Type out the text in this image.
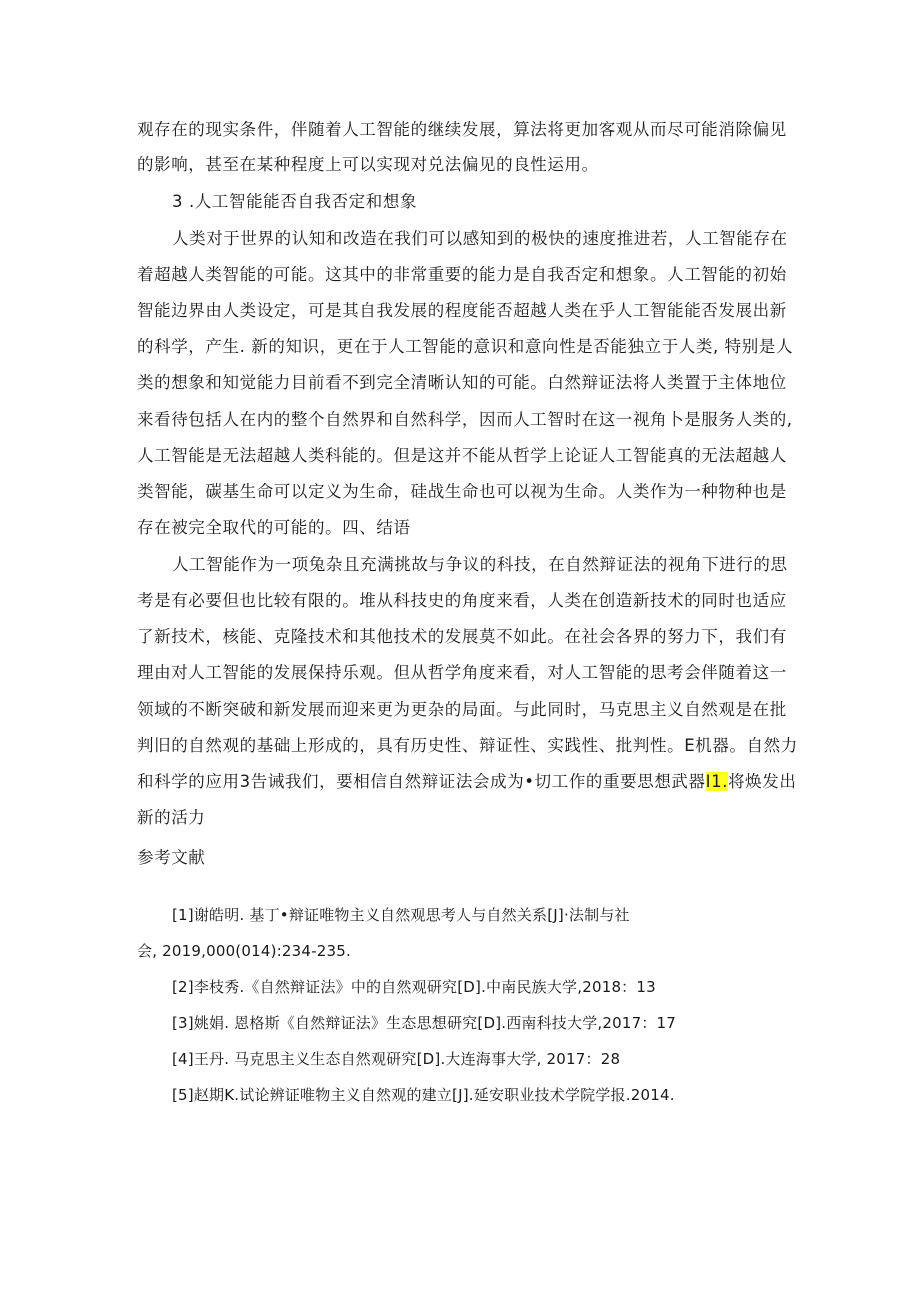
观存在的现实条件，伴随着人工智能的继续发展，算法将更加客观从而尽可能消除偏见
的影响，甚至在某种程度上可以实现对兑法偏见的良性运用。
3 .人工智能能否自我否定和想象
人类对于世界的认知和改造在我们可以感知到的极快的速度推进若，人工智能存在
着超越人类智能的可能。这其中的非常重要的能力是自我否定和想象。人工智能的初始
智能边界由人类设定，可是其自我发展的程度能否超越人类在乎人工智能能否发展出新
的科学，产生. 新的知识，更在于人工智能的意识和意向性是否能独立于人类, 特别是人
类的想象和知觉能力目前看不到完全清晰认知的可能。白然辩证法将人类置于主体地位
来看待包括人在内的整个自然界和自然科学，因而人工智时在这一视角卜是服务人类的,
人工智能是无法超越人类科能的。但是这并不能从哲学上论证人工智能真的无法超越人
类智能，碳基生命可以定义为生命，硅战生命也可以视为生命。人类作为一种物种也是
存在被完全取代的可能的。四、结语
人工智能作为一项兔杂且充满挑故与争议的科技，在自然辩证法的视角下进行的思
考是有必要但也比较有限的。堆从科技史的角度来看，人类在创造新技术的同时也适应
了新技术，核能、克隆技术和其他技术的发展莫不如此。在社会各界的努力下，我们有
理由对人工智能的发展保持乐观。但从哲学角度来看，对人工智能的思考会伴随着这一
领域的不断突破和新发展而迎来更为更杂的局面。与此同时，马克思主义自然观是在批
判旧的自然观的基础上形成的，具有历史性、辩证性、实践性、批判性。E机器。自然力
和科学的应用3告诫我们，要相信自然辩证法会成为•切工作的重要思想武器I1.将焕发出
新的活力
参考文献
[1]谢皓明. 基丁•辩证唯物主义自然观思考人与自然关系[J]·法制与社
会, 2019,000(014):234-235.
[2]李枝秀.《自然辩证法》中的自然观研究[D].中南民族大学,2018：13
[3]姚娟. 恩格斯《自然辩证法》生态思想研究[D].西南科技大学,2017：17
[4]王丹. 马克思主义生态自然观研究[D].大连海事大学, 2017：28
[5]赵期K.试论辨证唯物主义自然观的建立[J].延安职业技术学院学报.2014.
